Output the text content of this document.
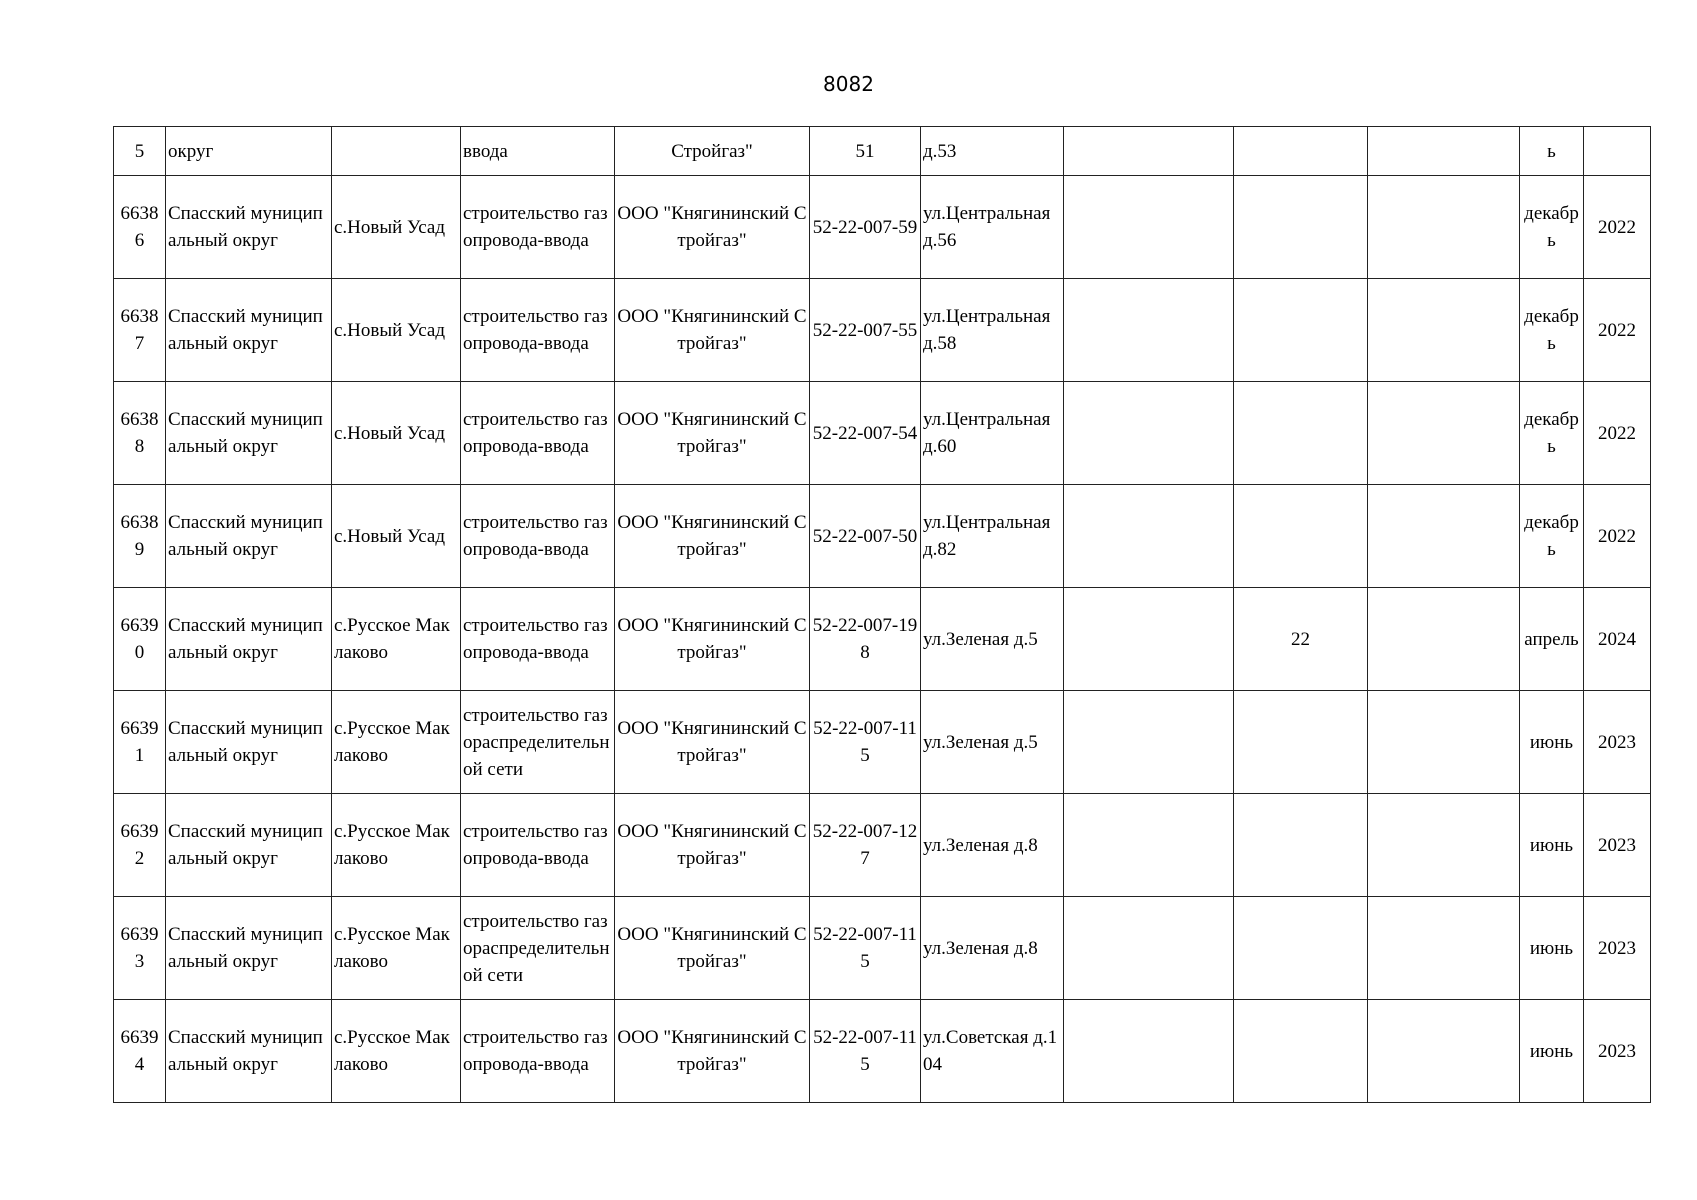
8082
5	округ		ввода	Стройгаз"	51	д.53				ь	
66386	Спасский муниципальный округ	с.Новый Усад	строительство газопровода-ввода	ООО "Княгининский Стройгаз"	52-22-007-59	ул.Центральная д.56				декабрь	2022
66387	Спасский муниципальный округ	с.Новый Усад	строительство газопровода-ввода	ООО "Княгининский Стройгаз"	52-22-007-55	ул.Центральная д.58				декабрь	2022
66388	Спасский муниципальный округ	с.Новый Усад	строительство газопровода-ввода	ООО "Княгининский Стройгаз"	52-22-007-54	ул.Центральная д.60				декабрь	2022
66389	Спасский муниципальный округ	с.Новый Усад	строительство газопровода-ввода	ООО "Княгининский Стройгаз"	52-22-007-50	ул.Центральная д.82				декабрь	2022
66390	Спасский муниципальный округ	с.Русское Маклаково	строительство газопровода-ввода	ООО "Княгининский Стройгаз"	52-22-007-198	ул.Зеленая д.5		22		апрель	2024
66391	Спасский муниципальный округ	с.Русское Маклаково	строительство газораспределительной сети	ООО "Княгининский Стройгаз"	52-22-007-115	ул.Зеленая д.5				июнь	2023
66392	Спасский муниципальный округ	с.Русское Маклаково	строительство газопровода-ввода	ООО "Княгининский Стройгаз"	52-22-007-127	ул.Зеленая д.8				июнь	2023
66393	Спасский муниципальный округ	с.Русское Маклаково	строительство газораспределительной сети	ООО "Княгининский Стройгаз"	52-22-007-115	ул.Зеленая д.8				июнь	2023
66394	Спасский муниципальный округ	с.Русское Маклаково	строительство газопровода-ввода	ООО "Княгининский Стройгаз"	52-22-007-115	ул.Советская д.104				июнь	2023
